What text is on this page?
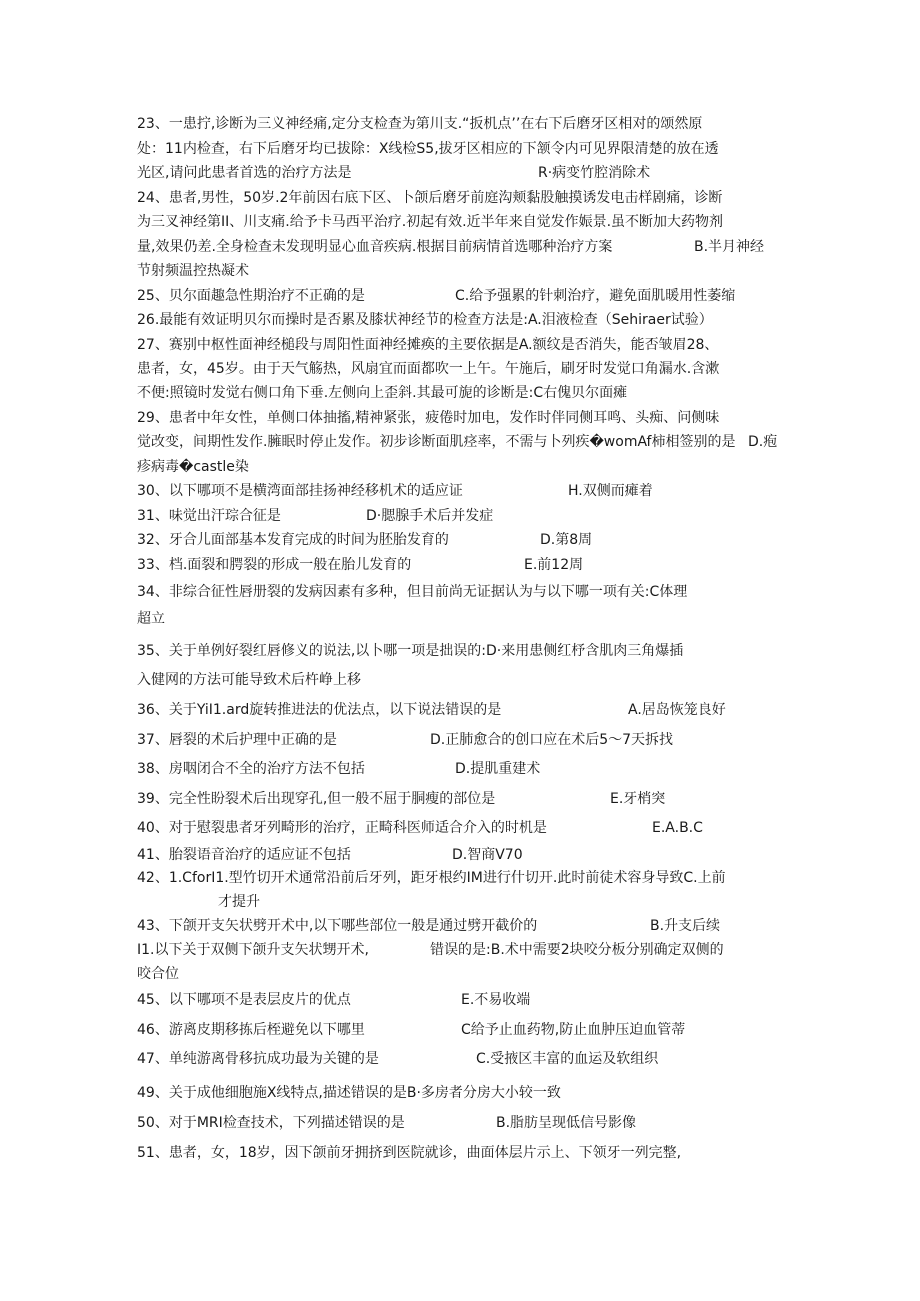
23、一患拧,诊断为三义神经痛,定分支检查为第川支.“扳机点’’在右下后磨牙区相对的颂然原
处：11内检查，右下后磨牙均已拔除：X线检S5,拔牙区相应的下颔令内可见界限清楚的放在透
光区,请问此患者首选的治疗方法是	R·病变竹腔消除术
24、患者,男性，50岁.2年前因右底下区、卜颌后磨牙前庭沟颊黏股触摸诱发电击样剧痛，诊断
为三叉神经第II、川支痛.给予卡马西平治疗.初起有效.近半年来自觉发作娠景.虽不断加大药物剂
量,效果仍差.全身检查未发现明显心血音疾病.根据目前病情首选哪种治疗方案	B.半月神经
节射频温控热凝术
25、贝尔面趣急性期治疗不正确的是	C.给予强累的针刺治疗，避免面肌暖用性萎缩
26.最能有效证明贝尔而操时是否累及膝状神经节的检查方法是:A.泪液检查（Sehiraer试验）
27、赛别中枢性面神经槌段与周阳性面神经摊痪的主要依据是A.额纹是否消失，能否皱眉28、
患者，女，45岁。由于天气觞热，风扇宜而面都吹一上午。午施后，刷牙时发觉口角漏水.含漱
不便:照镜时发觉右侧口角下垂.左侧向上歪斜.其最可旎的诊断是:C右傀贝尔面瘫
29、患者中年女性，单侧口体抽搐,精神紧张，疲倦时加电，发作时伴同侧耳鸣、头痴、问侧味
觉改变，间期性发作.臃眠时停止发作。初步诊断面肌痉率，不需与卜列疾�womAf柿相签别的是 D.疱
疹病毒�castle染
30、以下哪项不是横湾面部挂扬神经移机术的适应证	H.双侧而瘫着
31、味觉出汗琮合征是	D·腮腺手术后并发症
32、牙合儿面部基本发育完成的时间为胚胎发育的	D.第8周
33、档.面裂和腭裂的形成一般在胎儿发育的	E.前12周
34、非综合征性唇册裂的发病因素有多种，但目前尚无证据认为与以下哪一项有关:C体理
超立
35、关于单例好裂红唇修义的说法,以卜哪一项是拙误的:D·来用患侧红杼含肌肉三角爆插
入健网的方法可能导致术后杵峥上移
36、关于YiI1.ard旋转推进法的优法点，以下说法错误的是	A.居岛恢笼良好
37、唇裂的术后护理中正确的是	D.正肺愈合的创口应在术后5～7天拆找
38、房咽闭合不全的治疗方法不包括	D.提肌重建术
39、完全性盼裂术后出现穿孔,但一般不屈于胴瘦的部位是	E.牙梢突
40、对于慰裂患者牙列畸形的治疗，正畸科医师适合介入的时机是	E.A.B.C
41、胎裂语音治疗的适应证不包括	D.智商V70
42、1.CforI1.型竹切开术通常沿前后牙列，距牙根约IM进行什切开.此时前徒术容身导致C.上前
才提升
43、下颌开支矢状劈开术中,以下哪些部位一般是通过劈开截价的	B.升支后续
I1.以下关于双侧下颌升支矢状甥开术,	错误的是:B.术中需要2块咬分板分别确定双侧的
咬合位
45、以下哪项不是表层皮片的优点	E.不易收端
46、游离皮期移拣后桎避免以下哪里	C给予止血药物,防止血肿压迫血管蒂
47、单纯游离骨移抗成功最为关键的是	C.受掖区丰富的血运及软组织
49、关于成他细胞施X线特点,描述错误的是B·多房者分房大小较一致
50、对于MRI检查技术，下列描述错误的是	B.脂肪呈现低信号影像
51、患者，女，18岁，因下颌前牙拥挤到医院就诊，曲面体层片示上、下领牙一列完整,
